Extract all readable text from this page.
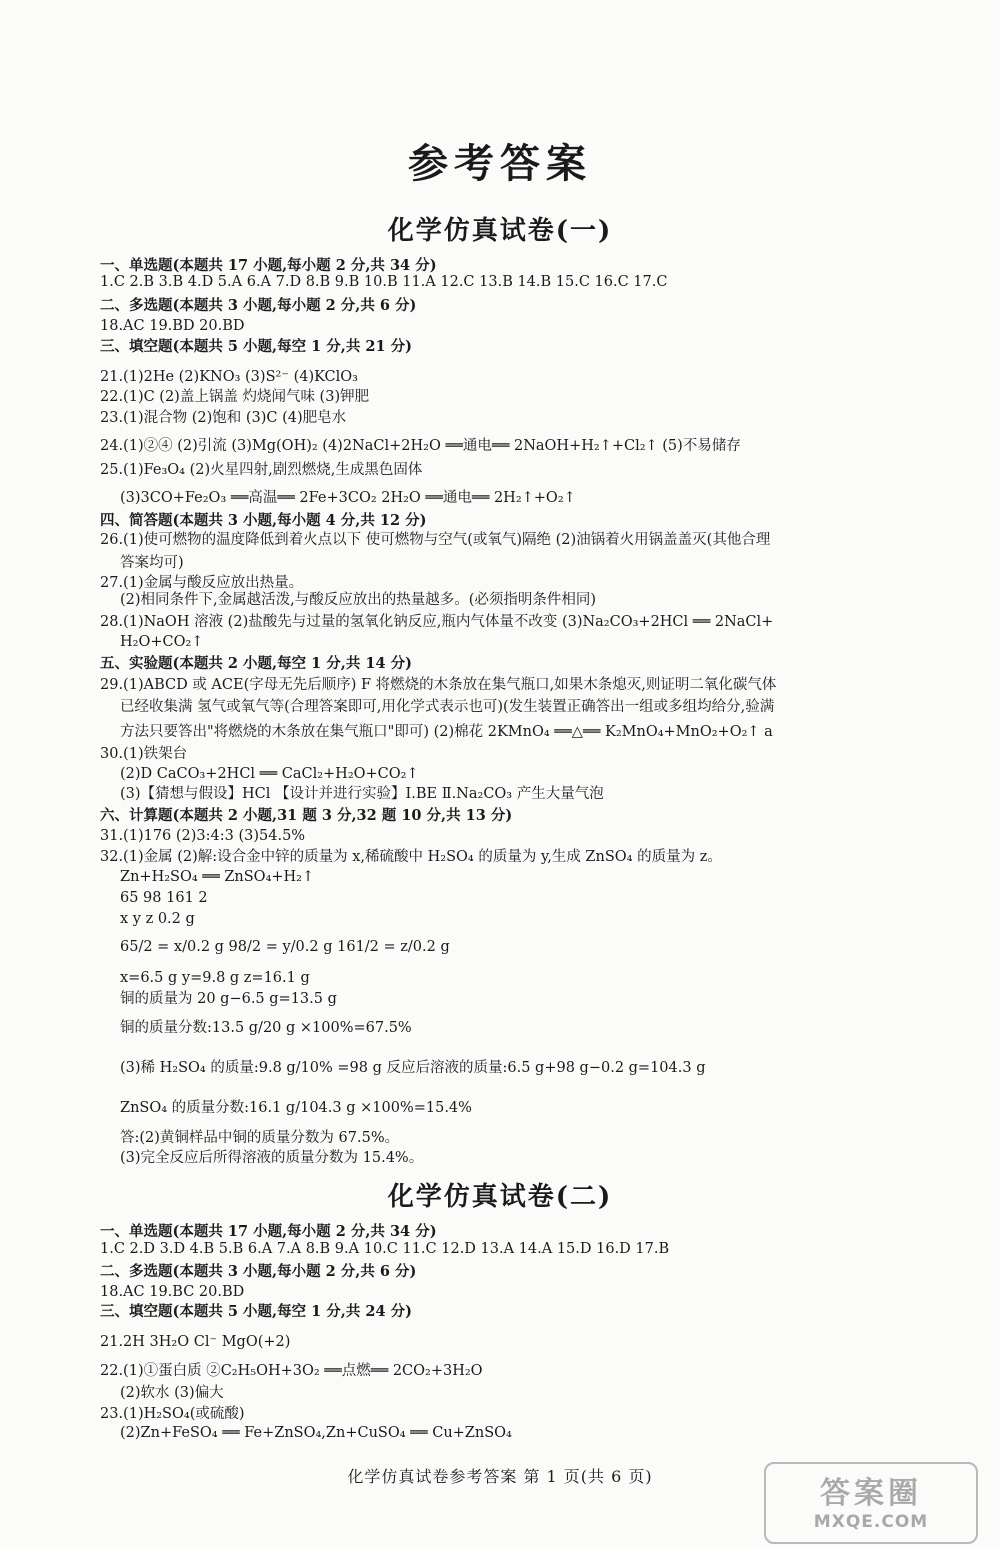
参考答案
化学仿真试卷(一)
一、单选题(本题共 17 小题,每小题 2 分,共 34 分)
1.C 2.B 3.B 4.D 5.A 6.A 7.D 8.B 9.B 10.B 11.A 12.C 13.B 14.B 15.C 16.C 17.C
二、多选题(本题共 3 小题,每小题 2 分,共 6 分)
18.AC 19.BD 20.BD
三、填空题(本题共 5 小题,每空 1 分,共 21 分)
21.(1)2He (2)KNO₃ (3)S²⁻ (4)KClO₃
22.(1)C (2)盖上锅盖 灼烧闻气味 (3)钾肥
23.(1)混合物 (2)饱和 (3)C (4)肥皂水
24.(1)②④ (2)引流 (3)Mg(OH)₂ (4)2NaCl+2H₂O ══通电══ 2NaOH+H₂↑+Cl₂↑ (5)不易储存
25.(1)Fe₃O₄ (2)火星四射,剧烈燃烧,生成黑色固体
(3)3CO+Fe₂O₃ ══高温══ 2Fe+3CO₂ 2H₂O ══通电══ 2H₂↑+O₂↑
四、简答题(本题共 3 小题,每小题 4 分,共 12 分)
26.(1)使可燃物的温度降低到着火点以下 使可燃物与空气(或氧气)隔绝 (2)油锅着火用锅盖盖灭(其他合理
答案均可)
27.(1)金属与酸反应放出热量。
(2)相同条件下,金属越活泼,与酸反应放出的热量越多。(必须指明条件相同)
28.(1)NaOH 溶液 (2)盐酸先与过量的氢氧化钠反应,瓶内气体量不改变 (3)Na₂CO₃+2HCl ══ 2NaCl+
H₂O+CO₂↑
五、实验题(本题共 2 小题,每空 1 分,共 14 分)
29.(1)ABCD 或 ACE(字母无先后顺序) F 将燃烧的木条放在集气瓶口,如果木条熄灭,则证明二氧化碳气体
已经收集满 氢气或氧气等(合理答案即可,用化学式表示也可)(发生装置正确答出一组或多组均给分,验满
方法只要答出"将燃烧的木条放在集气瓶口"即可) (2)棉花 2KMnO₄ ══△══ K₂MnO₄+MnO₂+O₂↑ a
30.(1)铁架台
(2)D CaCO₃+2HCl ══ CaCl₂+H₂O+CO₂↑
(3)【猜想与假设】HCl 【设计并进行实验】Ⅰ.BE Ⅱ.Na₂CO₃ 产生大量气泡
六、计算题(本题共 2 小题,31 题 3 分,32 题 10 分,共 13 分)
31.(1)176 (2)3:4:3 (3)54.5%
32.(1)金属 (2)解:设合金中锌的质量为 x,稀硫酸中 H₂SO₄ 的质量为 y,生成 ZnSO₄ 的质量为 z。
Zn+H₂SO₄ ══ ZnSO₄+H₂↑
65 98 161 2
x y z 0.2 g
65/2 = x/0.2 g 98/2 = y/0.2 g 161/2 = z/0.2 g
x=6.5 g y=9.8 g z=16.1 g
铜的质量为 20 g−6.5 g=13.5 g
铜的质量分数:13.5 g/20 g ×100%=67.5%
(3)稀 H₂SO₄ 的质量:9.8 g/10% =98 g 反应后溶液的质量:6.5 g+98 g−0.2 g=104.3 g
ZnSO₄ 的质量分数:16.1 g/104.3 g ×100%=15.4%
答:(2)黄铜样品中铜的质量分数为 67.5%。
(3)完全反应后所得溶液的质量分数为 15.4%。
化学仿真试卷(二)
一、单选题(本题共 17 小题,每小题 2 分,共 34 分)
1.C 2.D 3.D 4.B 5.B 6.A 7.A 8.B 9.A 10.C 11.C 12.D 13.A 14.A 15.D 16.D 17.B
二、多选题(本题共 3 小题,每小题 2 分,共 6 分)
18.AC 19.BC 20.BD
三、填空题(本题共 5 小题,每空 1 分,共 24 分)
21.2H 3H₂O Cl⁻ MgO(+2)
22.(1)①蛋白质 ②C₂H₅OH+3O₂ ══点燃══ 2CO₂+3H₂O
(2)软水 (3)偏大
23.(1)H₂SO₄(或硫酸)
(2)Zn+FeSO₄ ══ Fe+ZnSO₄,Zn+CuSO₄ ══ Cu+ZnSO₄
化学仿真试卷参考答案 第 1 页(共 6 页)	答案圈
MXQE.COM
